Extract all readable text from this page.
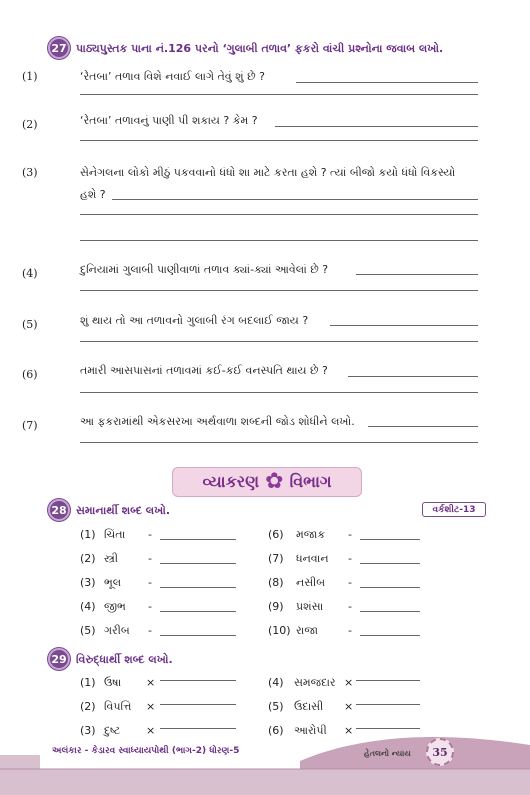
27 પાઠ્યપુસ્તક પાના નં.126 પરનો ‘ગુલાબી તળાવ’ ફકરો વાંચી પ્રશ્નોના જવાબ લખો.
(1)	‘રેતબા’ તળાવ વિશે નવાઈ લાગે તેવું શું છે ?
(2)	‘રેતબા’ તળાવનું પાણી પી શકાય ? કેમ ?
(3)	સેનેગલના લોકો મીઠું પકવવાનો ધંધો શા માટે કરતા હશે ? ત્યાં બીજો કયો ધંધો વિકસ્યો
હશે ?
(4)	દુનિયામાં ગુલાબી પાણીવાળાં તળાવ ક્યાં-ક્યાં આવેલાં છે ?
(5)	શું થાય તો આ તળાવનો ગુલાબી રંગ બદલાઈ જાય ?
(6)	તમારી આસપાસનાં તળાવમાં કઈ-કઈ વનસ્પતિ થાય છે ?
(7)	આ ફકરામાંથી એકસરખા અર્થવાળા શબ્દની જોડ શોધીને લખો.
વ્યાકરણ ✿ વિભાગ
28 સમાનાર્થી શબ્દ લખો.	વર્કશીટ-13
(1) ચિંતા -
(2) સ્ત્રી	-
(3) ભૂલ -
(4) જીભ -
(5) ગરીબ -
(6) મજાક -
(7) ધનવાન -
(8) નસીબ -
(9) પ્રશંસા -
(10) રાજા	-
29 વિરુદ્ધાર્થી શબ્દ લખો.
(1) ઉષા ×
(2) વિપત્તિ ×
(3) દુષ્ટ ×
(4) સમજદાર ×
(5) ઉદાસી ×
(6) આરોપી ×
અલંકાર - કેડારવ સ્વાધ્યાયપોથી (ભાગ-2) ધોરણ-5	હેતલનો ન્યાય	35
